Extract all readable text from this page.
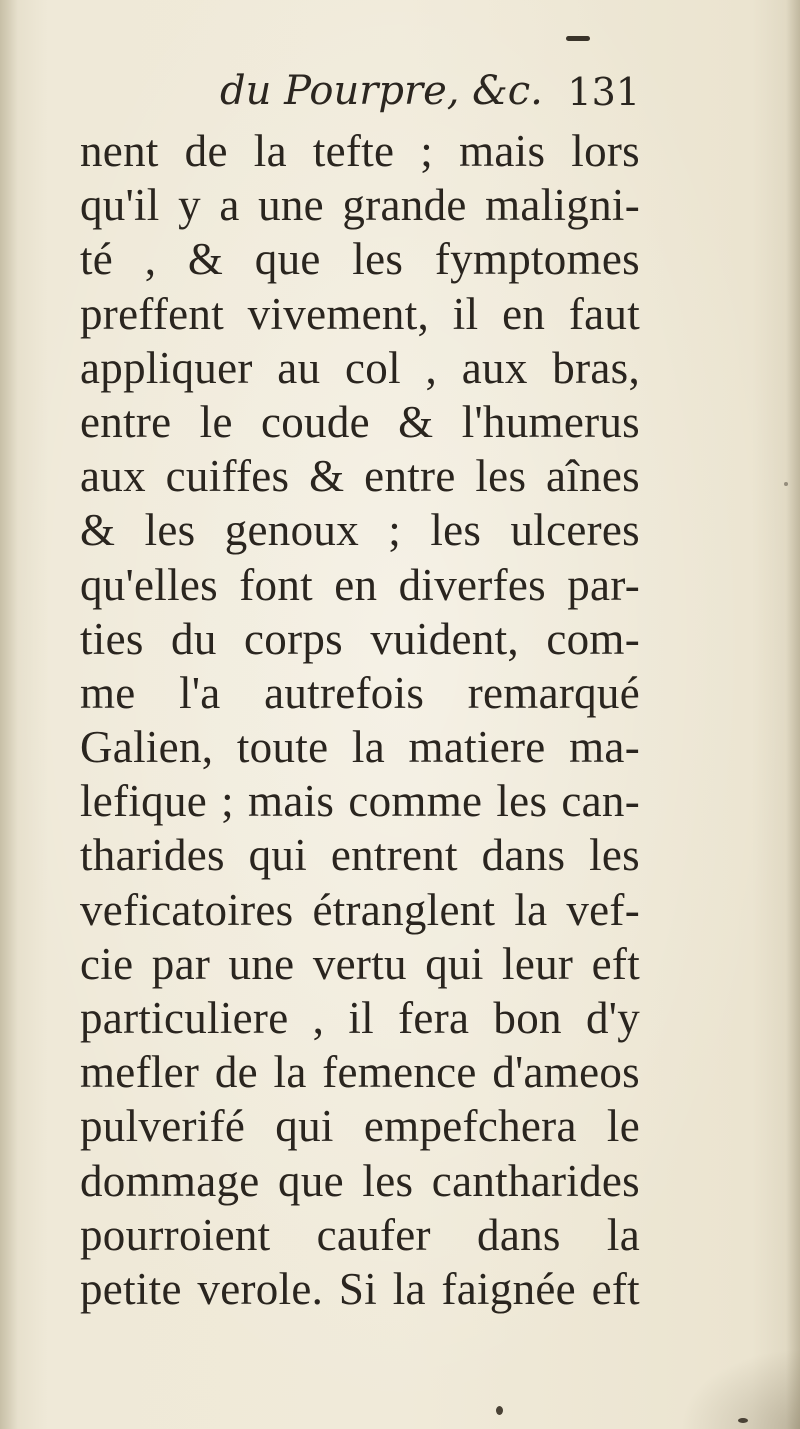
du Pourpre, &c. 131
nent de la tefte ; mais lors
qu'il y a une grande maligni-
té , & que les fymptomes
preffent vivement, il en faut
appliquer au col , aux bras,
entre le coude & l'humerus
aux cuiffes & entre les aînes
& les genoux ; les ulceres
qu'elles font en diverfes par-
ties du corps vuident, com-
me l'a autrefois remarqué
Galien, toute la matiere ma-
lefique ; mais comme les can-
tharides qui entrent dans les
veficatoires étranglent la vef-
cie par une vertu qui leur eft
particuliere , il fera bon d'y
mefler de la femence d'ameos
pulverifé qui empefchera le
dommage que les cantharides
pourroient caufer dans la
petite verole. Si la faignée eft
